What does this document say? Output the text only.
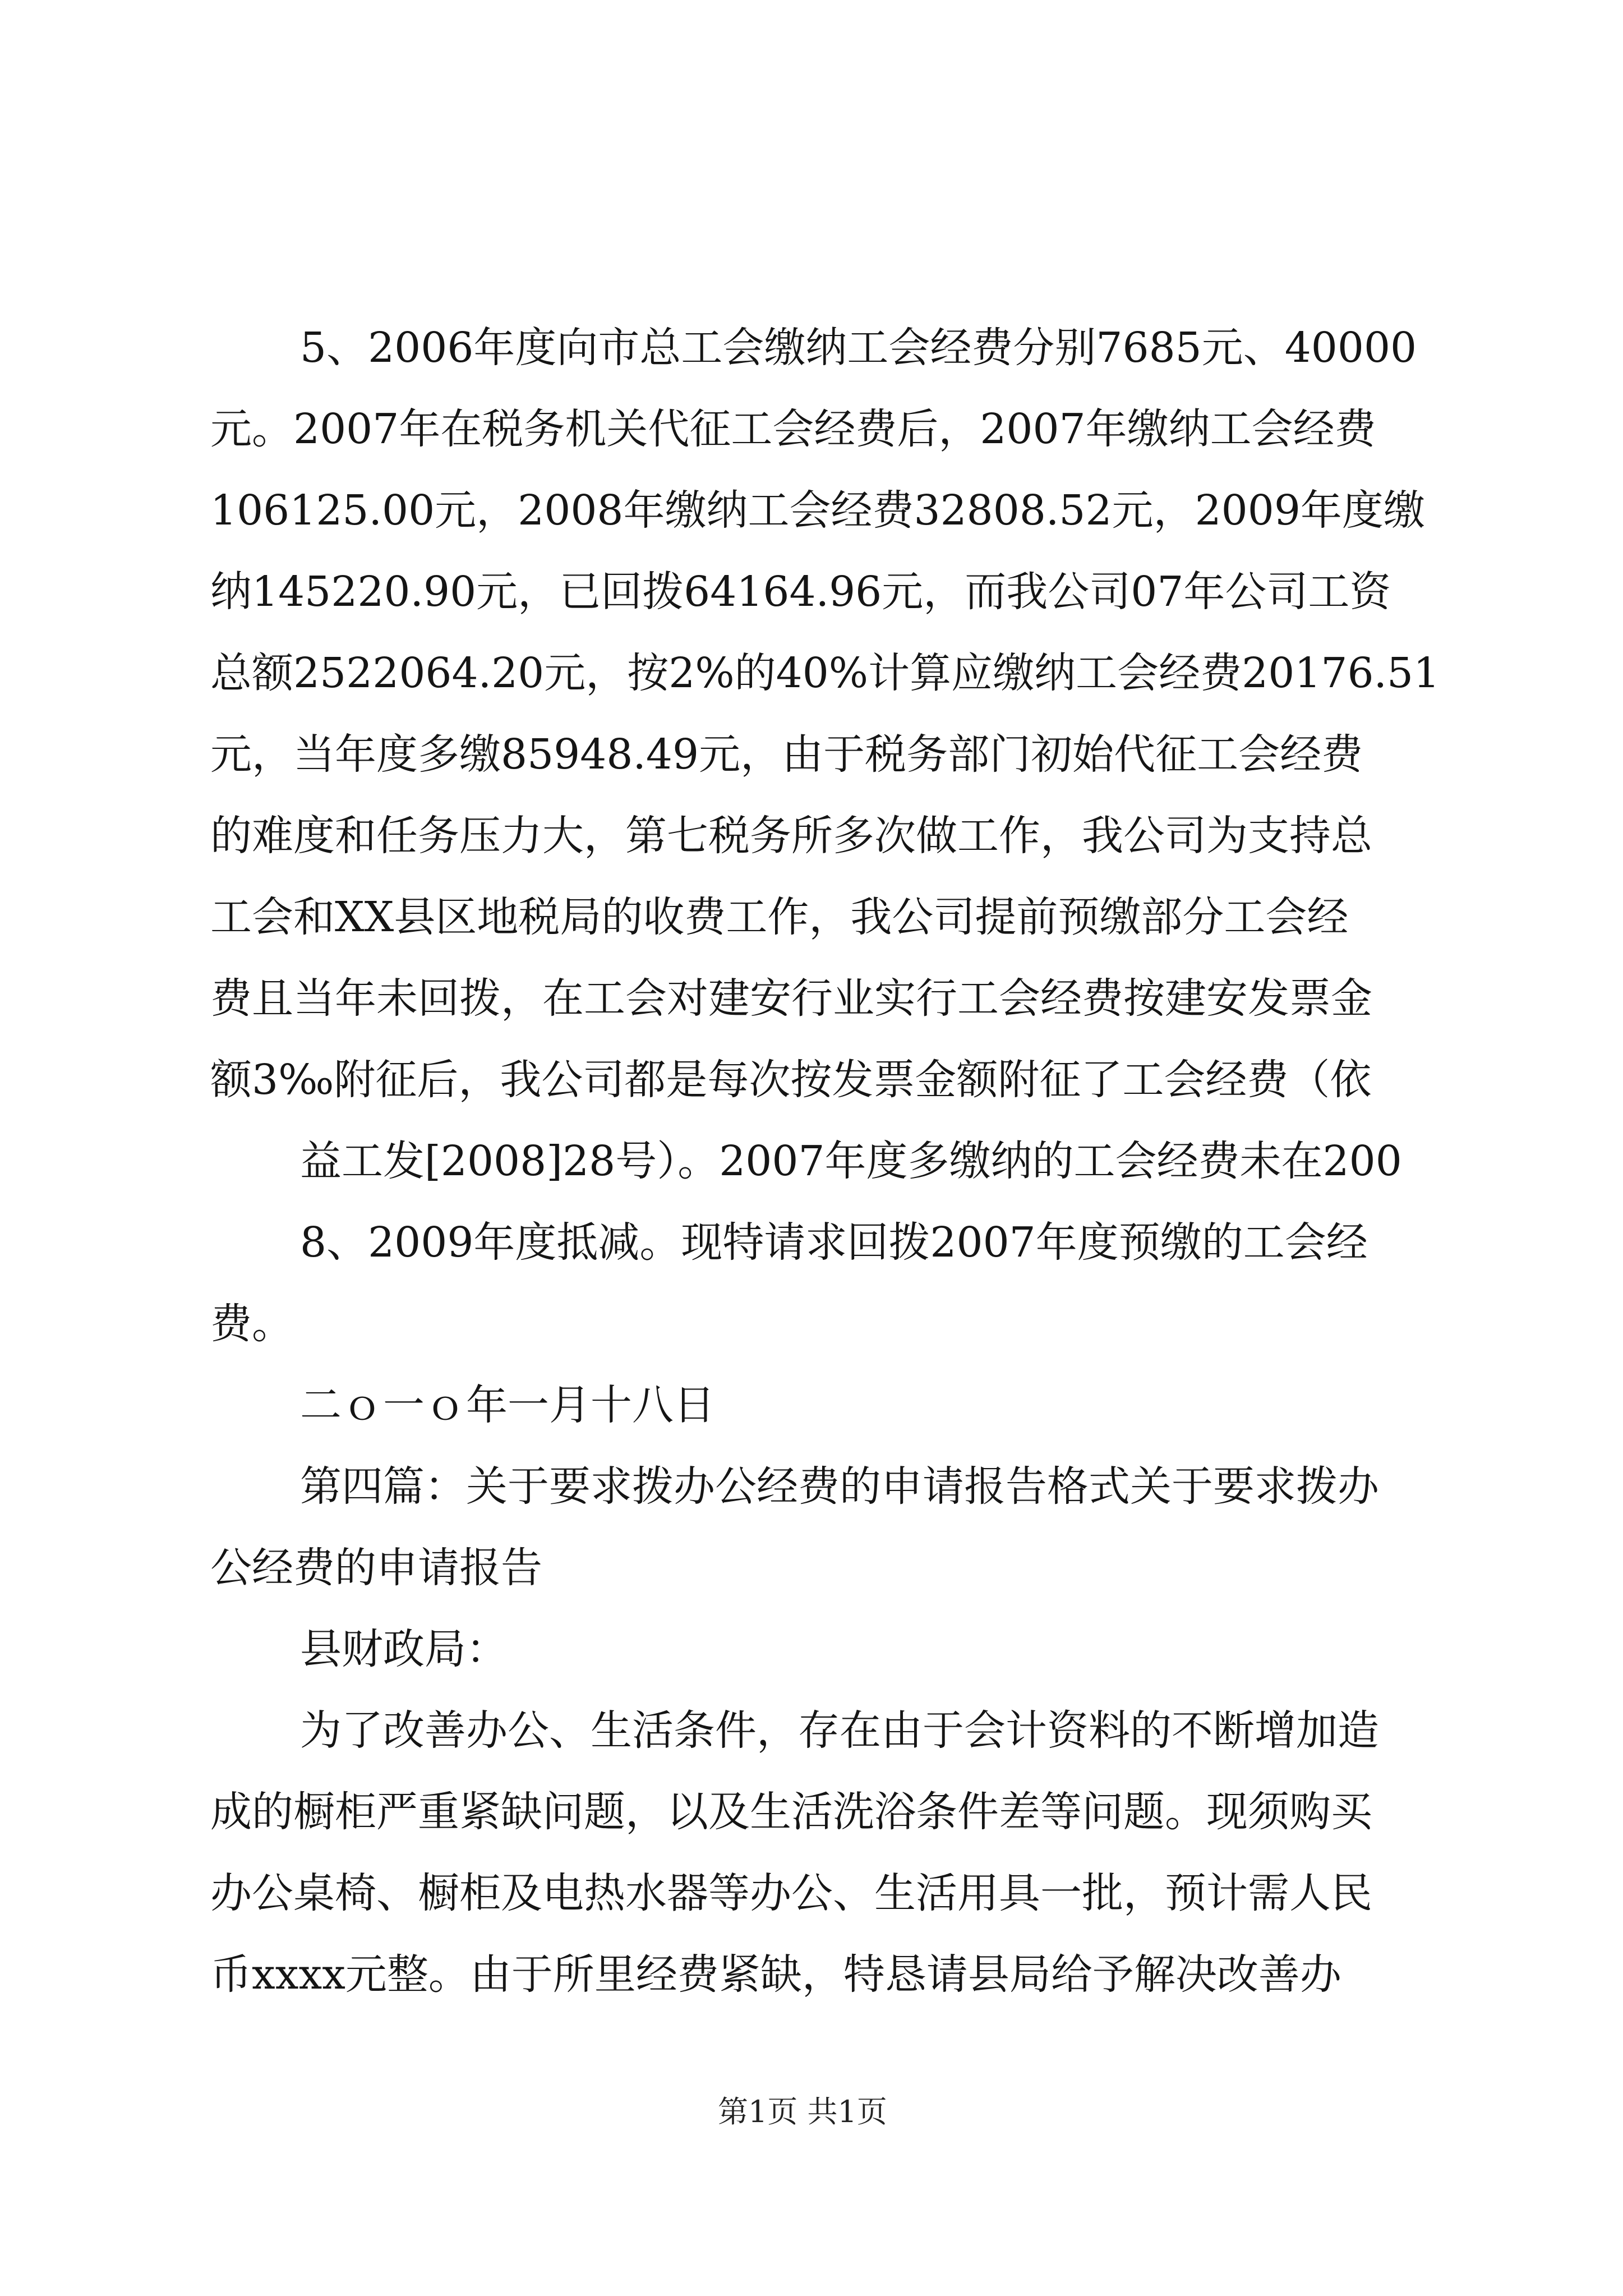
5、2006年度向市总工会缴纳工会经费分别7685元、40000
元。2007年在税务机关代征工会经费后，2007年缴纳工会经费
106125.00元，2008年缴纳工会经费32808.52元，2009年度缴
纳145220.90元，已回拨64164.96元，而我公司07年公司工资
总额2522064.20元，按2%的40%计算应缴纳工会经费20176.51
元，当年度多缴85948.49元，由于税务部门初始代征工会经费
的难度和任务压力大，第七税务所多次做工作，我公司为支持总
工会和XX县区地税局的收费工作，我公司提前预缴部分工会经
费且当年未回拨，在工会对建安行业实行工会经费按建安发票金
额3‰附征后，我公司都是每次按发票金额附征了工会经费（依
益工发[2008]28号）。2007年度多缴纳的工会经费未在200
8、2009年度抵减。现特请求回拨2007年度预缴的工会经
费。
二ｏ一ｏ年一月十八日
第四篇：关于要求拨办公经费的申请报告格式关于要求拨办
公经费的申请报告
县财政局：
为了改善办公、生活条件，存在由于会计资料的不断增加造
成的橱柜严重紧缺问题，以及生活洗浴条件差等问题。现须购买
办公桌椅、橱柜及电热水器等办公、生活用具一批，预计需人民
币xxxx元整。由于所里经费紧缺，特恳请县局给予解决改善办
第1页 共1页
